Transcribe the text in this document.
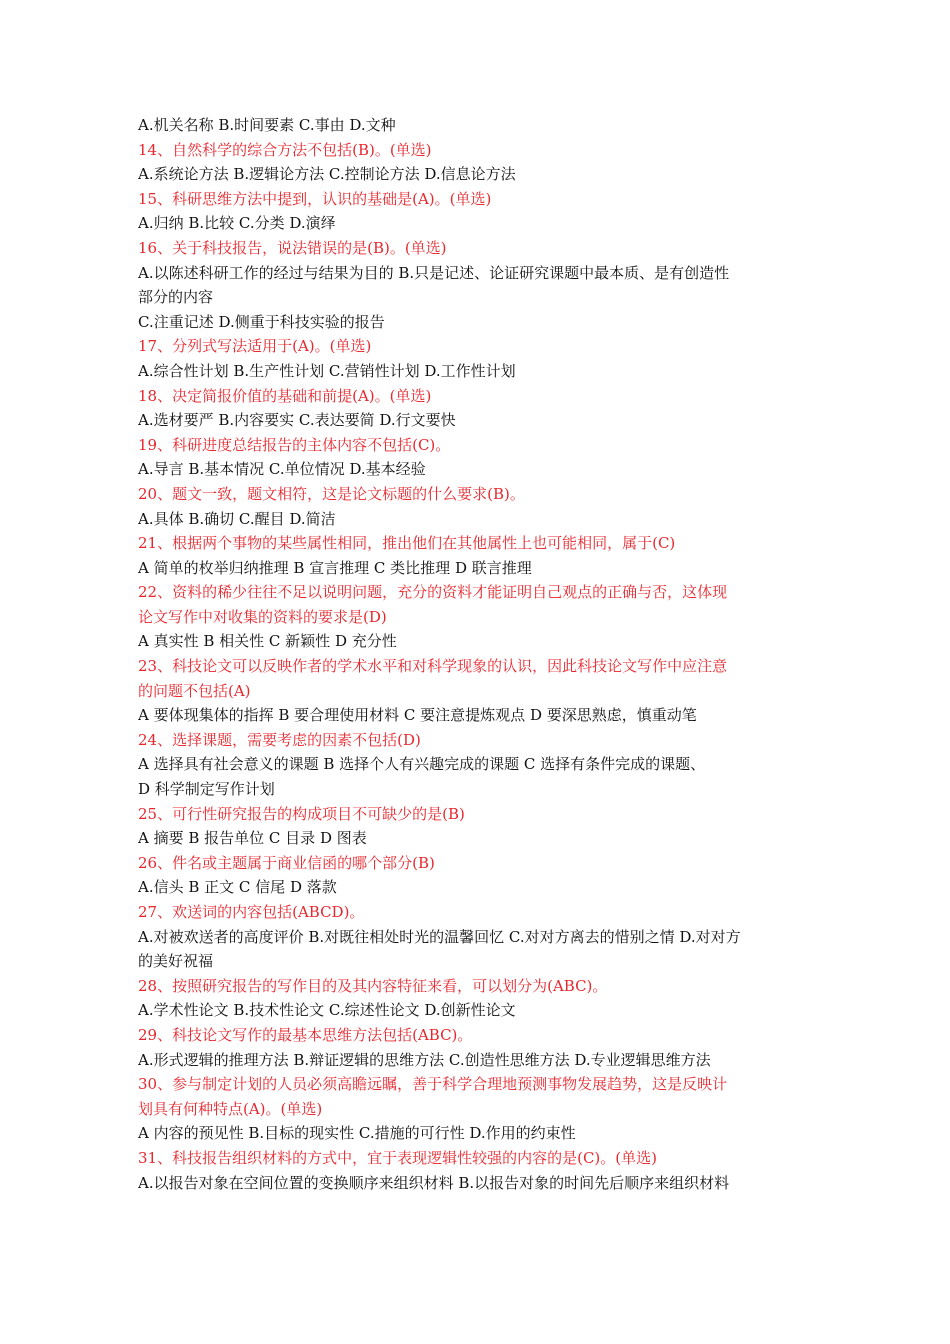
A.机关名称 B.时间要素 C.事由 D.文种
14、自然科学的综合方法不包括(B)。(单选)
A.系统论方法 B.逻辑论方法 C.控制论方法 D.信息论方法
15、科研思维方法中提到，认识的基础是(A)。(单选)
A.归纳 B.比较 C.分类 D.演绎
16、关于科技报告，说法错误的是(B)。(单选)
A.以陈述科研工作的经过与结果为目的 B.只是记述、论证研究课题中最本质、是有创造性
部分的内容
C.注重记述 D.侧重于科技实验的报告
17、分列式写法适用于(A)。(单选)
A.综合性计划 B.生产性计划 C.营销性计划 D.工作性计划
18、决定简报价值的基础和前提(A)。(单选)
A.选材要严 B.内容要实 C.表达要简 D.行文要快
19、科研进度总结报告的主体内容不包括(C)。
A.导言 B.基本情况 C.单位情况 D.基本经验
20、题文一致，题文相符，这是论文标题的什么要求(B)。
A.具体 B.确切 C.醒目 D.简洁
21、根据两个事物的某些属性相同，推出他们在其他属性上也可能相同，属于(C)
A 简单的枚举归纳推理 B 宣言推理 C 类比推理 D 联言推理
22、资料的稀少往往不足以说明问题，充分的资料才能证明自己观点的正确与否，这体现
论文写作中对收集的资料的要求是(D)
A 真实性 B 相关性 C 新颖性 D 充分性
23、科技论文可以反映作者的学术水平和对科学现象的认识，因此科技论文写作中应注意
的问题不包括(A)
A 要体现集体的指挥 B 要合理使用材料 C 要注意提炼观点 D 要深思熟虑，慎重动笔
24、选择课题，需要考虑的因素不包括(D)
A 选择具有社会意义的课题 B 选择个人有兴趣完成的课题 C 选择有条件完成的课题、
D 科学制定写作计划
25、可行性研究报告的构成项目不可缺少的是(B)
A 摘要 B 报告单位 C 目录 D 图表
26、件名或主题属于商业信函的哪个部分(B)
A.信头 B 正文 C 信尾 D 落款
27、欢送词的内容包括(ABCD)。
A.对被欢送者的高度评价 B.对既往相处时光的温馨回忆 C.对对方离去的惜别之情 D.对对方
的美好祝福
28、按照研究报告的写作目的及其内容特征来看，可以划分为(ABC)。
A.学术性论文 B.技术性论文 C.综述性论文 D.创新性论文
29、科技论文写作的最基本思维方法包括(ABC)。
A.形式逻辑的推理方法 B.辩证逻辑的思维方法 C.创造性思维方法 D.专业逻辑思维方法
30、参与制定计划的人员必须高瞻远瞩，善于科学合理地预测事物发展趋势，这是反映计
划具有何种特点(A)。(单选)
A 内容的预见性 B.目标的现实性 C.措施的可行性 D.作用的约束性
31、科技报告组织材料的方式中，宜于表现逻辑性较强的内容的是(C)。(单选)
A.以报告对象在空间位置的变换顺序来组织材料 B.以报告对象的时间先后顺序来组织材料
